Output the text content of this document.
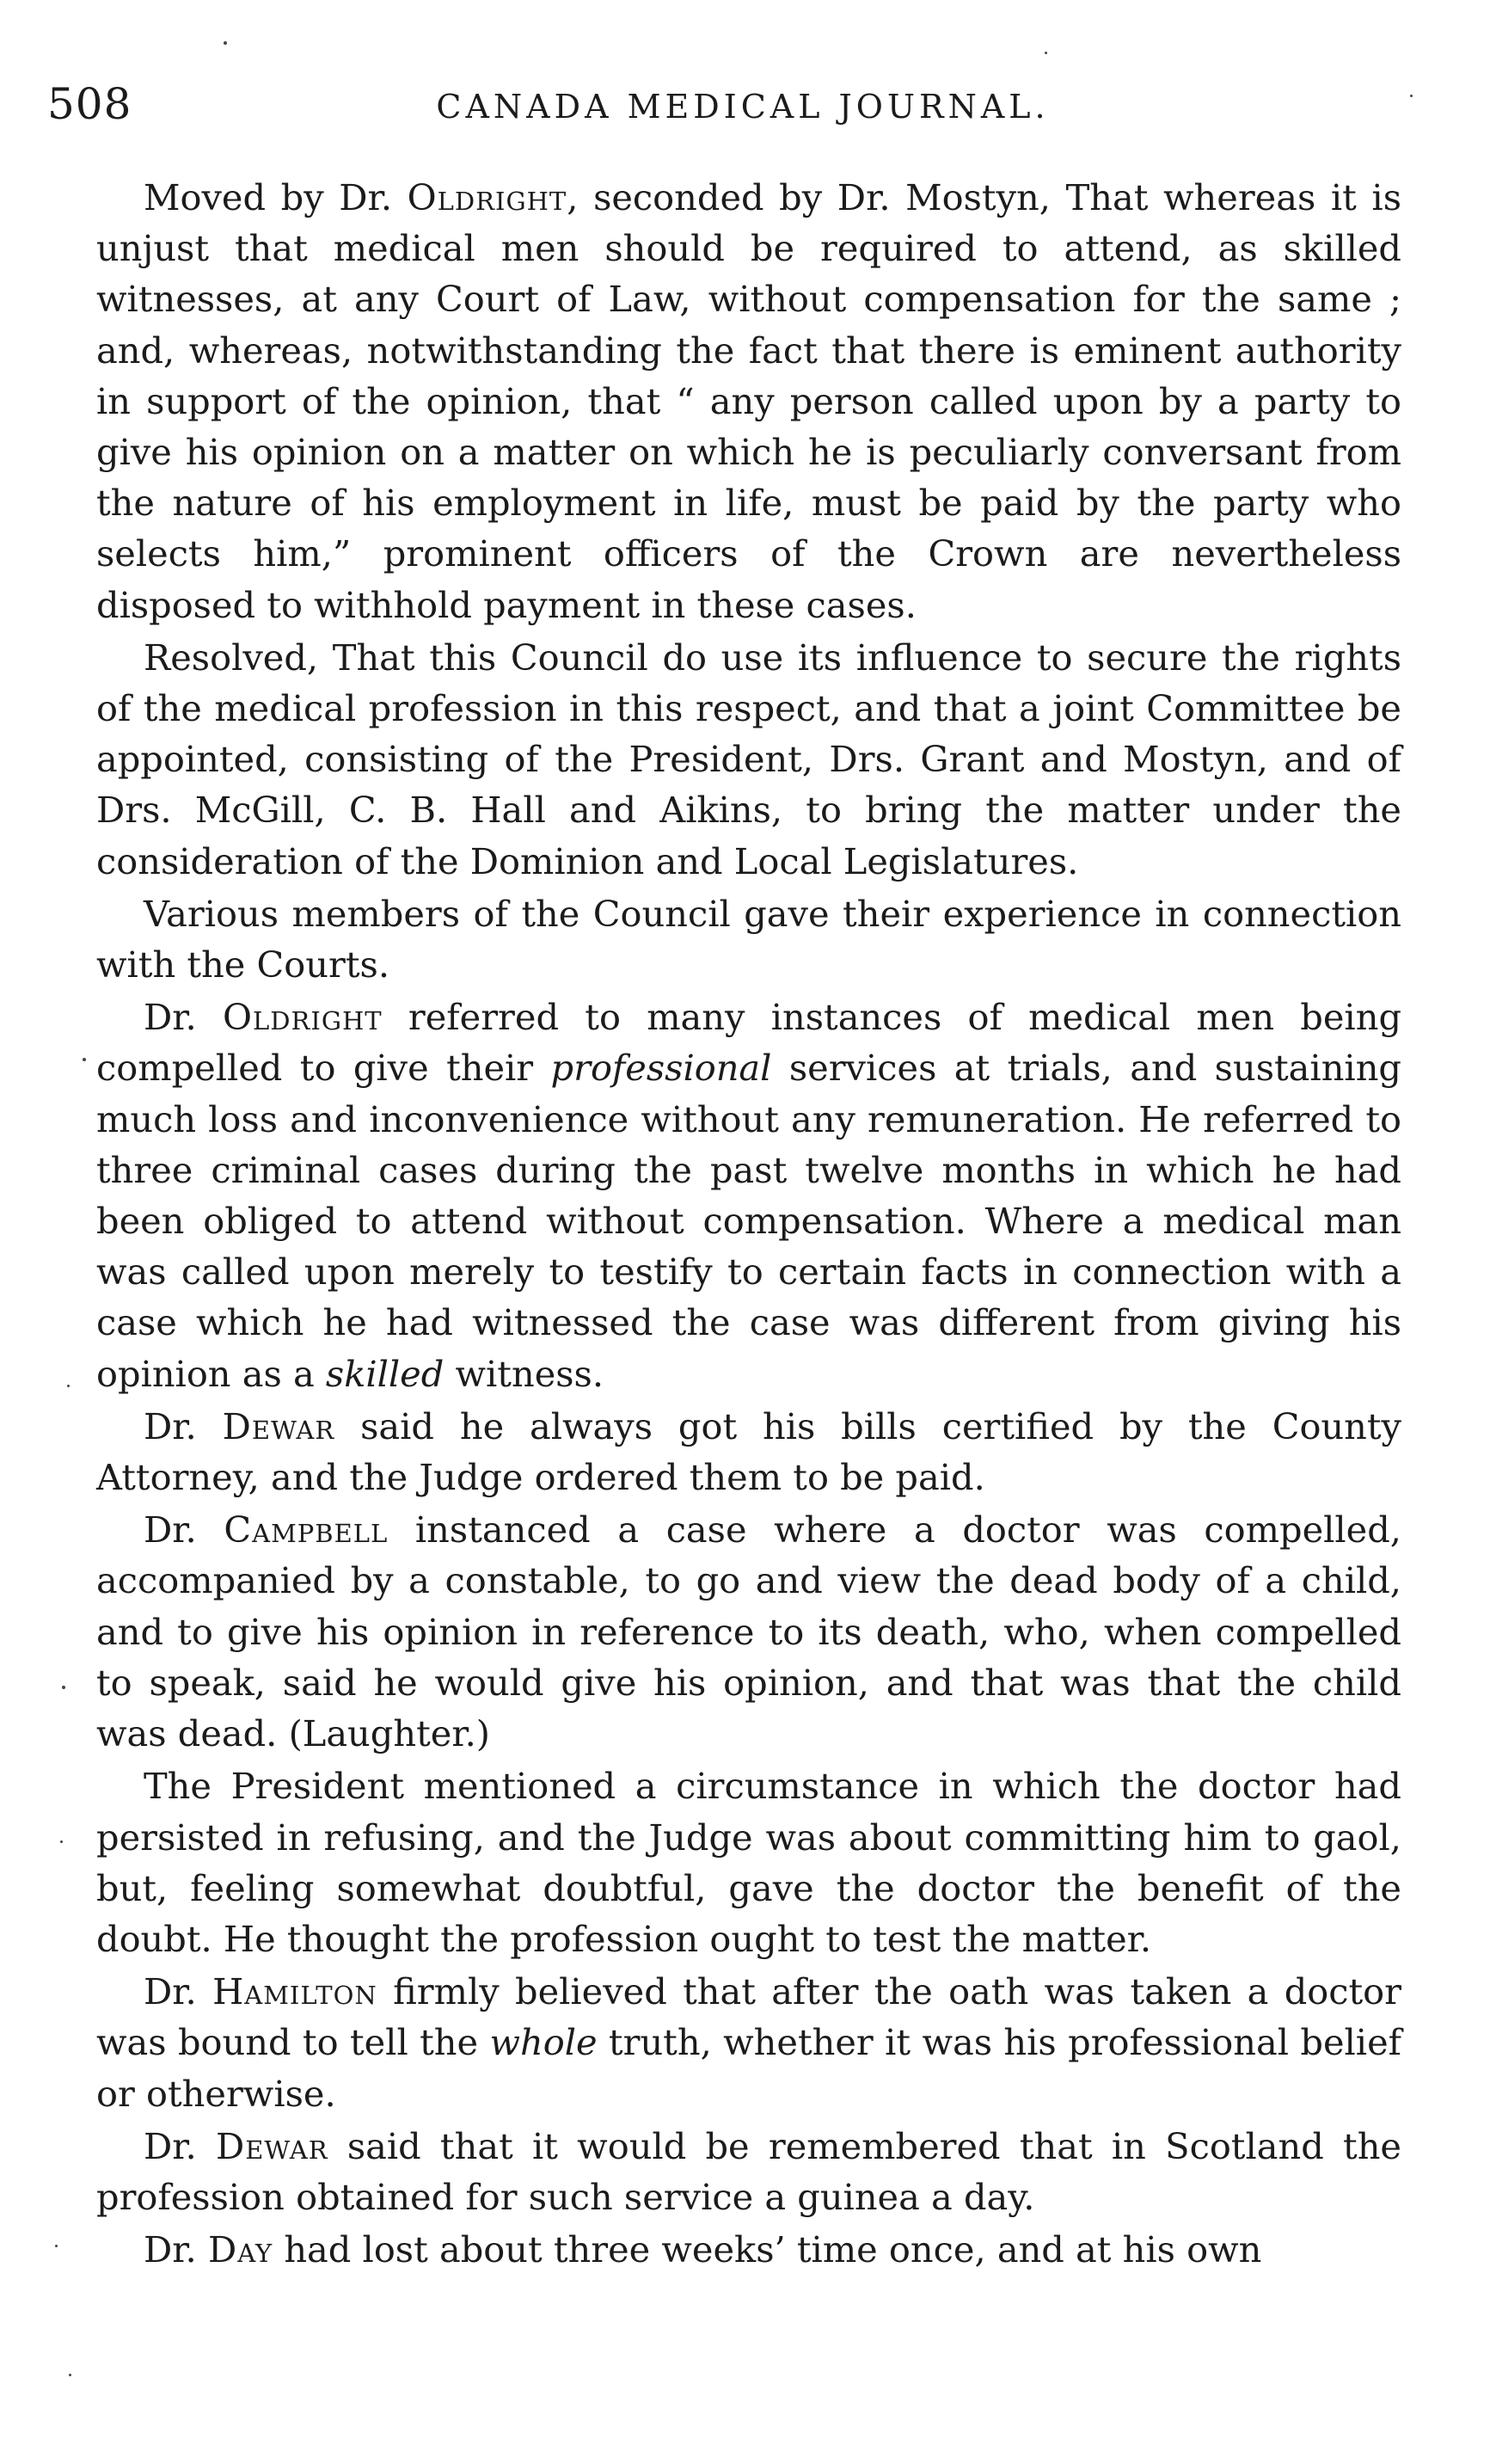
508	CANADA MEDICAL JOURNAL.

Moved by Dr. Oldright, seconded by Dr. Mostyn, That whereas it is unjust that medical men should be required to attend, as skilled witnesses, at any Court of Law, without compensation for the same ; and, whereas, notwithstanding the fact that there is eminent authority in support of the opinion, that “ any person called upon by a party to give his opinion on a matter on which he is peculiarly conversant from the nature of his employment in life, must be paid by the party who selects him,” prominent officers of the Crown are nevertheless disposed to withhold payment in these cases.

Resolved, That this Council do use its influence to secure the rights of the medical profession in this respect, and that a joint Committee be appointed, consisting of the President, Drs. Grant and Mostyn, and of Drs. McGill, C. B. Hall and Aikins, to bring the matter under the consideration of the Dominion and Local Legislatures.

Various members of the Council gave their experience in connection with the Courts.

Dr. Oldright referred to many instances of medical men being compelled to give their professional services at trials, and sustaining much loss and inconvenience without any remuneration. He referred to three criminal cases during the past twelve months in which he had been obliged to attend without compensation. Where a medical man was called upon merely to testify to certain facts in connection with a case which he had witnessed the case was different from giving his opinion as a skilled witness.

Dr. Dewar said he always got his bills certified by the County Attorney, and the Judge ordered them to be paid.

Dr. Campbell instanced a case where a doctor was compelled, accompanied by a constable, to go and view the dead body of a child, and to give his opinion in reference to its death, who, when compelled to speak, said he would give his opinion, and that was that the child was dead. (Laughter.)

The President mentioned a circumstance in which the doctor had persisted in refusing, and the Judge was about committing him to gaol, but, feeling somewhat doubtful, gave the doctor the benefit of the doubt. He thought the profession ought to test the matter.

Dr. Hamilton firmly believed that after the oath was taken a doctor was bound to tell the whole truth, whether it was his professional belief or otherwise.

Dr. Dewar said that it would be remembered that in Scotland the profession obtained for such service a guinea a day.

Dr. Day had lost about three weeks’ time once, and at his own
